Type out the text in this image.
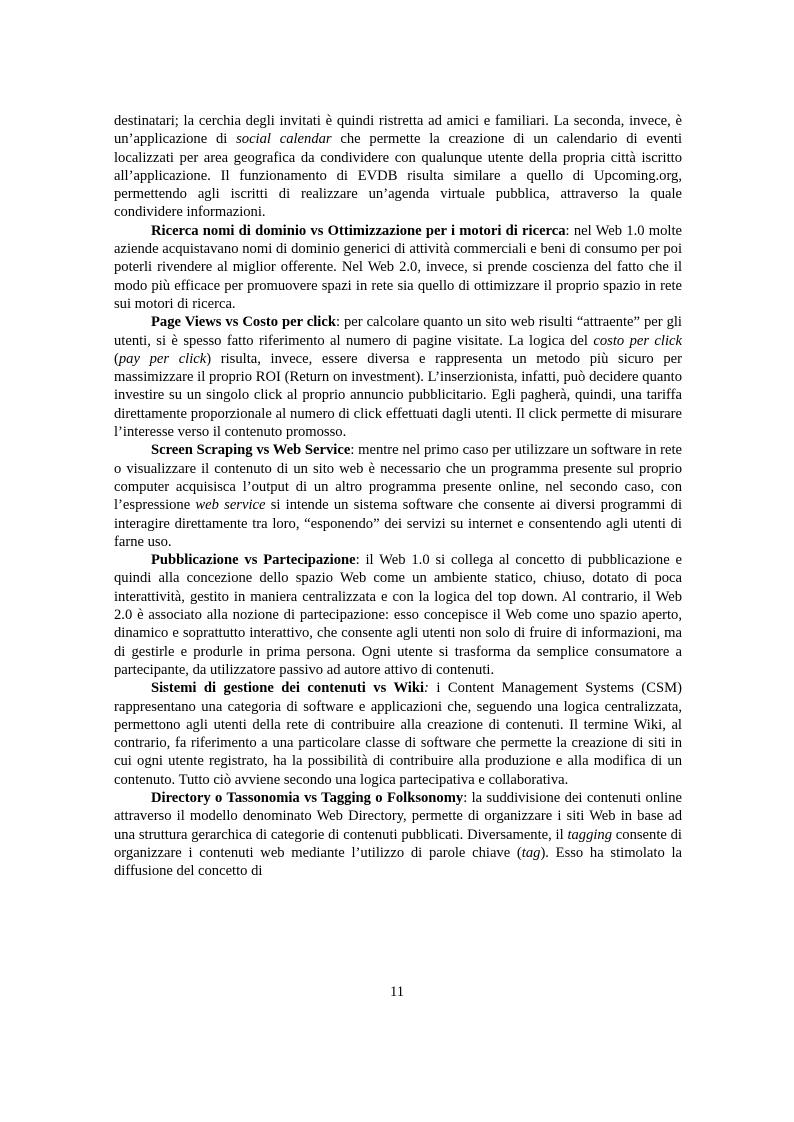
destinatari; la cerchia degli invitati è quindi ristretta ad amici e familiari. La seconda, invece, è un’applicazione di social calendar che permette la creazione di un calendario di eventi localizzati per area geografica da condividere con qualunque utente della propria città iscritto all’applicazione. Il funzionamento di EVDB risulta similare a quello di Upcoming.org, permettendo agli iscritti di realizzare un’agenda virtuale pubblica, attraverso la quale condividere informazioni.

Ricerca nomi di dominio vs Ottimizzazione per i motori di ricerca: nel Web 1.0 molte aziende acquistavano nomi di dominio generici di attività commerciali e beni di consumo per poi poterli rivendere al miglior offerente. Nel Web 2.0, invece, si prende coscienza del fatto che il modo più efficace per promuovere spazi in rete sia quello di ottimizzare il proprio spazio in rete sui motori di ricerca.

Page Views vs Costo per click: per calcolare quanto un sito web risulti “attraente” per gli utenti, si è spesso fatto riferimento al numero di pagine visitate. La logica del costo per click (pay per click) risulta, invece, essere diversa e rappresenta un metodo più sicuro per massimizzare il proprio ROI (Return on investment). L’inserzionista, infatti, può decidere quanto investire su un singolo click al proprio annuncio pubblicitario. Egli pagherà, quindi, una tariffa direttamente proporzionale al numero di click effettuati dagli utenti. Il click permette di misurare l’interesse verso il contenuto promosso.

Screen Scraping vs Web Service: mentre nel primo caso per utilizzare un software in rete o visualizzare il contenuto di un sito web è necessario che un programma presente sul proprio computer acquisisca l’output di un altro programma presente online, nel secondo caso, con l’espressione web service si intende un sistema software che consente ai diversi programmi di interagire direttamente tra loro, “esponendo” dei servizi su internet e consentendo agli utenti di farne uso.

Pubblicazione vs Partecipazione: il Web 1.0 si collega al concetto di pubblicazione e quindi alla concezione dello spazio Web come un ambiente statico, chiuso, dotato di poca interattività, gestito in maniera centralizzata e con la logica del top down. Al contrario, il Web 2.0 è associato alla nozione di partecipazione: esso concepisce il Web come uno spazio aperto, dinamico e soprattutto interattivo, che consente agli utenti non solo di fruire di informazioni, ma di gestirle e produrle in prima persona. Ogni utente si trasforma da semplice consumatore a partecipante, da utilizzatore passivo ad autore attivo di contenuti.

Sistemi di gestione dei contenuti vs Wiki: i Content Management Systems (CSM) rappresentano una categoria di software e applicazioni che, seguendo una logica centralizzata, permettono agli utenti della rete di contribuire alla creazione di contenuti. Il termine Wiki, al contrario, fa riferimento a una particolare classe di software che permette la creazione di siti in cui ogni utente registrato, ha la possibilità di contribuire alla produzione e alla modifica di un contenuto. Tutto ciò avviene secondo una logica partecipativa e collaborativa.

Directory o Tassonomia vs Tagging o Folksonomy: la suddivisione dei contenuti online attraverso il modello denominato Web Directory, permette di organizzare i siti Web in base ad una struttura gerarchica di categorie di contenuti pubblicati. Diversamente, il tagging consente di organizzare i contenuti web mediante l’utilizzo di parole chiave (tag). Esso ha stimolato la diffusione del concetto di

11
